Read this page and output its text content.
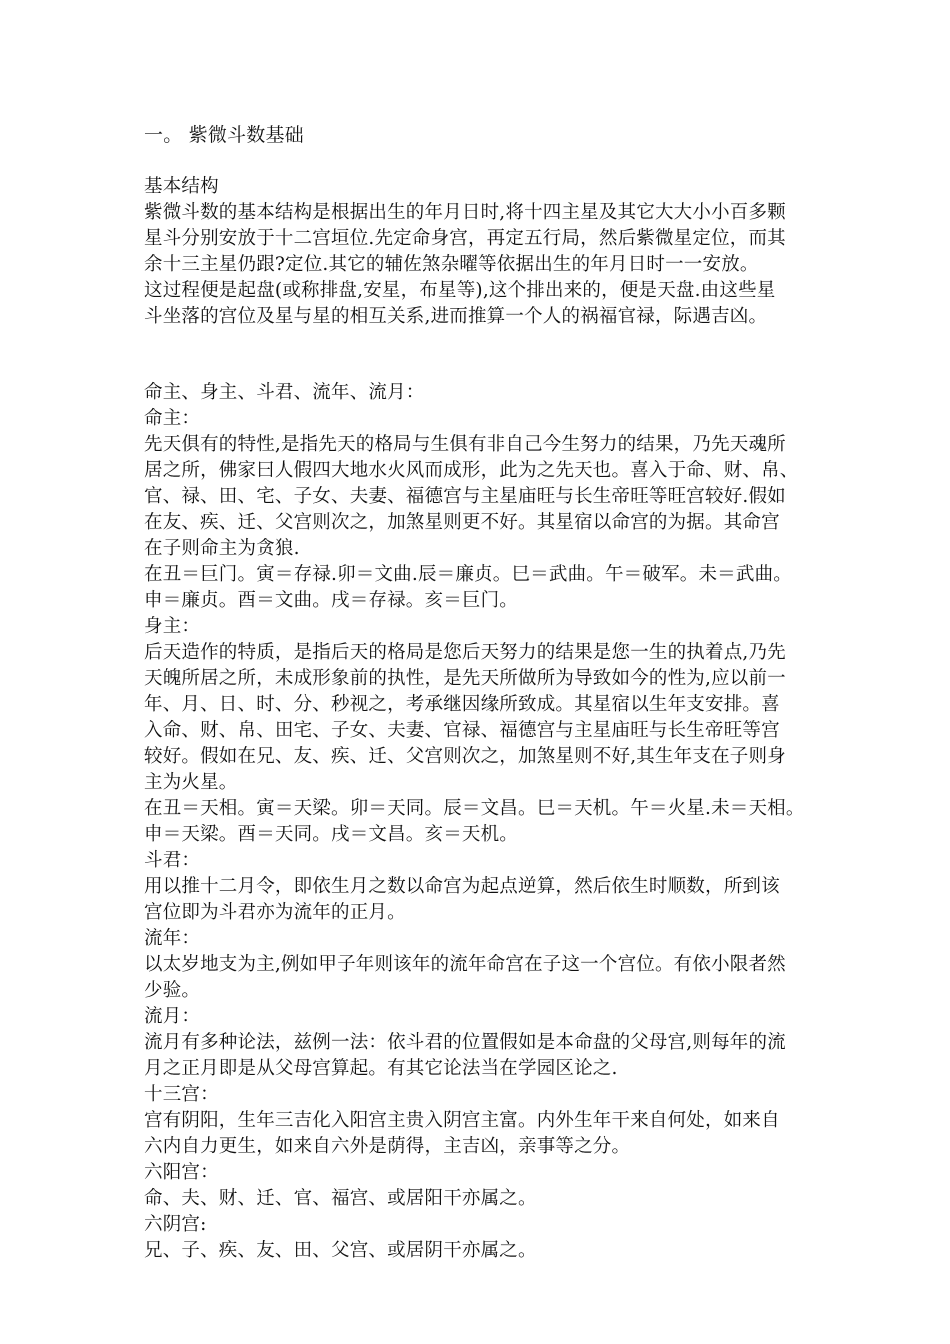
一。 紫微斗数基础

基本结构

紫微斗数的基本结构是根据出生的年月日时,将十四主星及其它大大小小百多颗

星斗分别安放于十二宫垣位.先定命身宫，再定五行局，然后紫微星定位，而其

余十三主星仍跟?定位.其它的辅佐煞杂曜等依据出生的年月日时一一安放。

这过程便是起盘(或称排盘,安星，布星等),这个排出来的，便是天盘.由这些星

斗坐落的宫位及星与星的相互关系,进而推算一个人的祸福官禄，际遇吉凶。

命主、身主、斗君、流年、流月：

命主：

先天俱有的特性,是指先天的格局与生俱有非自己今生努力的结果，乃先天魂所

居之所，佛家曰人假四大地水火风而成形，此为之先天也。喜入于命、财、帛、

官、禄、田、宅、子女、夫妻、福德宫与主星庙旺与长生帝旺等旺宫较好.假如

在友、疾、迁、父宫则次之，加煞星则更不好。其星宿以命宫的为据。其命宫

在子则命主为贪狼.

在丑＝巨门。寅＝存禄.卯＝文曲.辰＝廉贞。巳＝武曲。午＝破军。未＝武曲。

申＝廉贞。酉＝文曲。戌＝存禄。亥＝巨门。

身主：

后天造作的特质，是指后天的格局是您后天努力的结果是您一生的执着点,乃先

天魄所居之所，未成形象前的执性，是先天所做所为导致如今的性为,应以前一

年、月、日、时、分、秒视之，考承继因缘所致成。其星宿以生年支安排。喜

入命、财、帛、田宅、子女、夫妻、官禄、福德宫与主星庙旺与长生帝旺等宫

较好。假如在兄、友、疾、迁、父宫则次之，加煞星则不好,其生年支在子则身

主为火星。

在丑＝天相。寅＝天梁。卯＝天同。辰＝文昌。巳＝天机。午＝火星.未＝天相。

申＝天梁。酉＝天同。戌＝文昌。亥＝天机。

斗君：

用以推十二月令，即依生月之数以命宫为起点逆算，然后依生时顺数，所到该

宫位即为斗君亦为流年的正月。

流年：

以太岁地支为主,例如甲子年则该年的流年命宫在子这一个宫位。有依小限者然

少验。

流月：

流月有多种论法，兹例一法：依斗君的位置假如是本命盘的父母宫,则每年的流

月之正月即是从父母宫算起。有其它论法当在学园区论之.

十三宫：

宫有阴阳，生年三吉化入阳宫主贵入阴宫主富。内外生年干来自何处，如来自

六内自力更生，如来自六外是荫得，主吉凶，亲事等之分。

六阳宫：

命、夫、财、迁、官、福宫、或居阳干亦属之。

六阴宫:

兄、子、疾、友、田、父宫、或居阴干亦属之。
